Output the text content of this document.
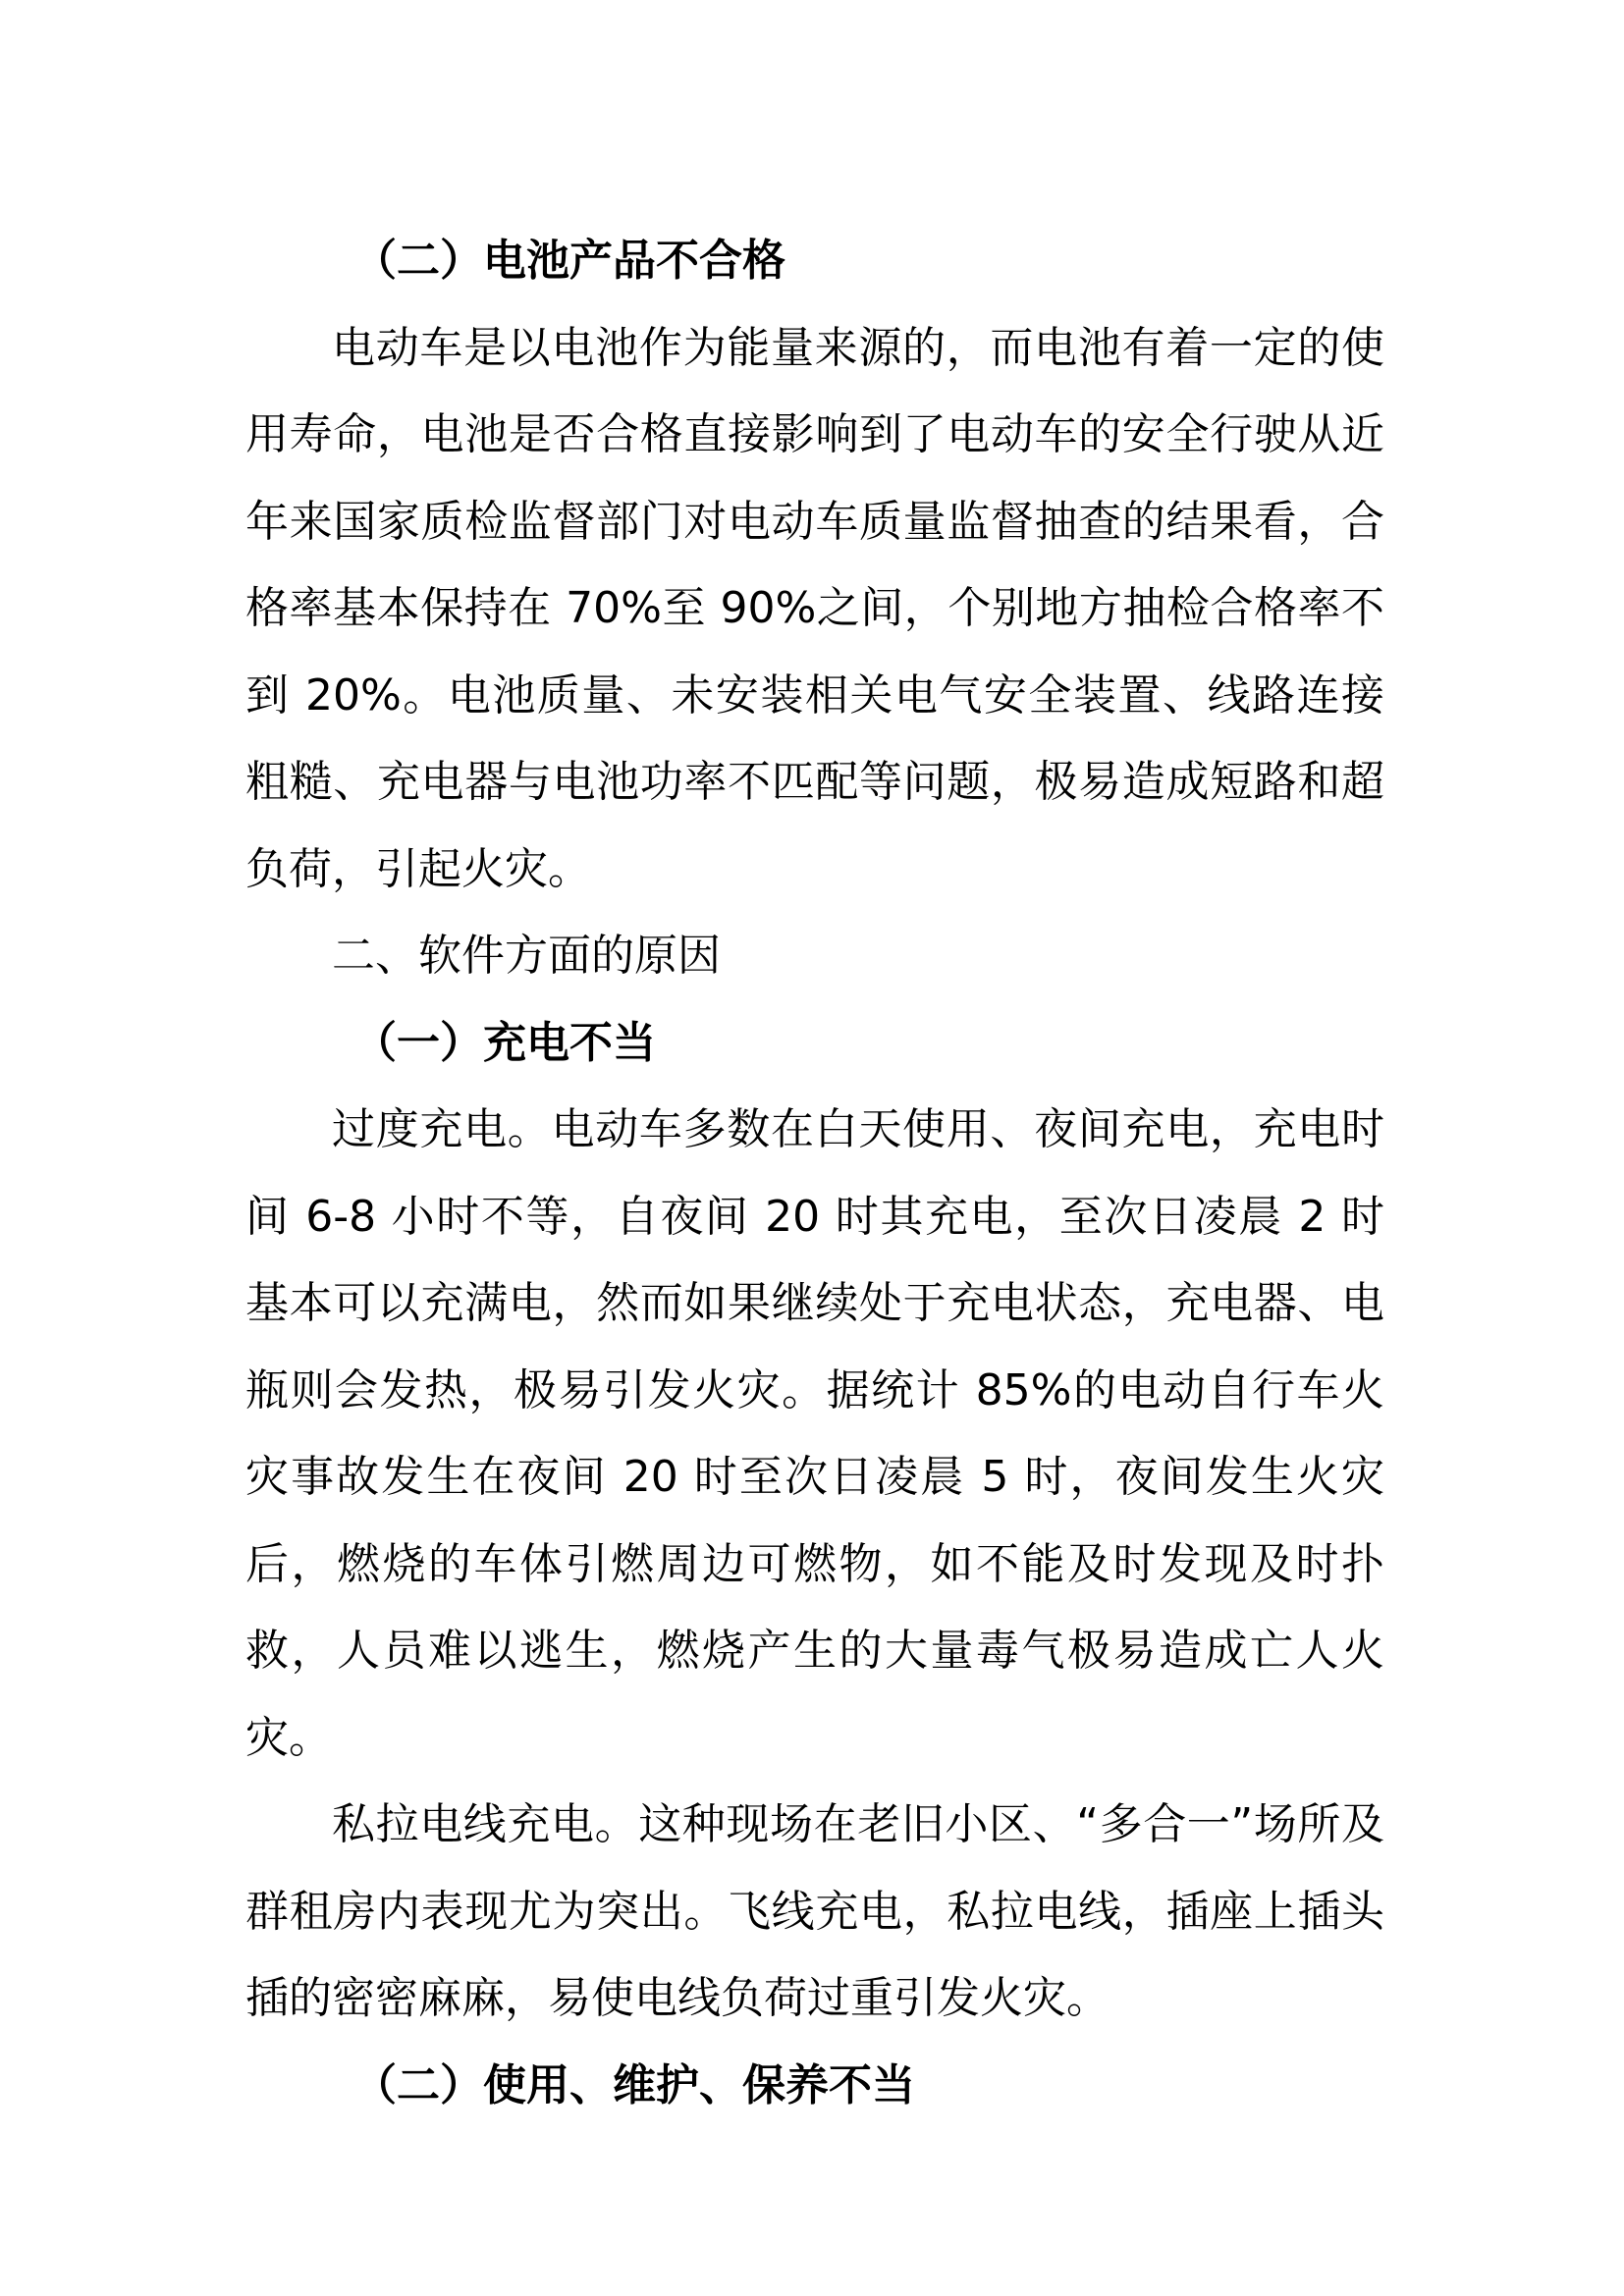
（二）电池产品不合格

电动车是以电池作为能量来源的，而电池有着一定的使用寿命，电池是否合格直接影响到了电动车的安全行驶从近年来国家质检监督部门对电动车质量监督抽查的结果看，合格率基本保持在 70%至 90%之间，个别地方抽检合格率不到 20%。电池质量、未安装相关电气安全装置、线路连接粗糙、充电器与电池功率不匹配等问题，极易造成短路和超负荷，引起火灾。

二、软件方面的原因

（一）充电不当

过度充电。电动车多数在白天使用、夜间充电，充电时间 6-8 小时不等，自夜间 20 时其充电，至次日凌晨 2 时基本可以充满电，然而如果继续处于充电状态，充电器、电瓶则会发热，极易引发火灾。据统计 85%的电动自行车火灾事故发生在夜间 20 时至次日凌晨 5 时，夜间发生火灾后，燃烧的车体引燃周边可燃物，如不能及时发现及时扑救，人员难以逃生，燃烧产生的大量毒气极易造成亡人火灾。

私拉电线充电。这种现场在老旧小区、“多合一”场所及群租房内表现尤为突出。飞线充电，私拉电线，插座上插头插的密密麻麻，易使电线负荷过重引发火灾。

（二）使用、维护、保养不当
